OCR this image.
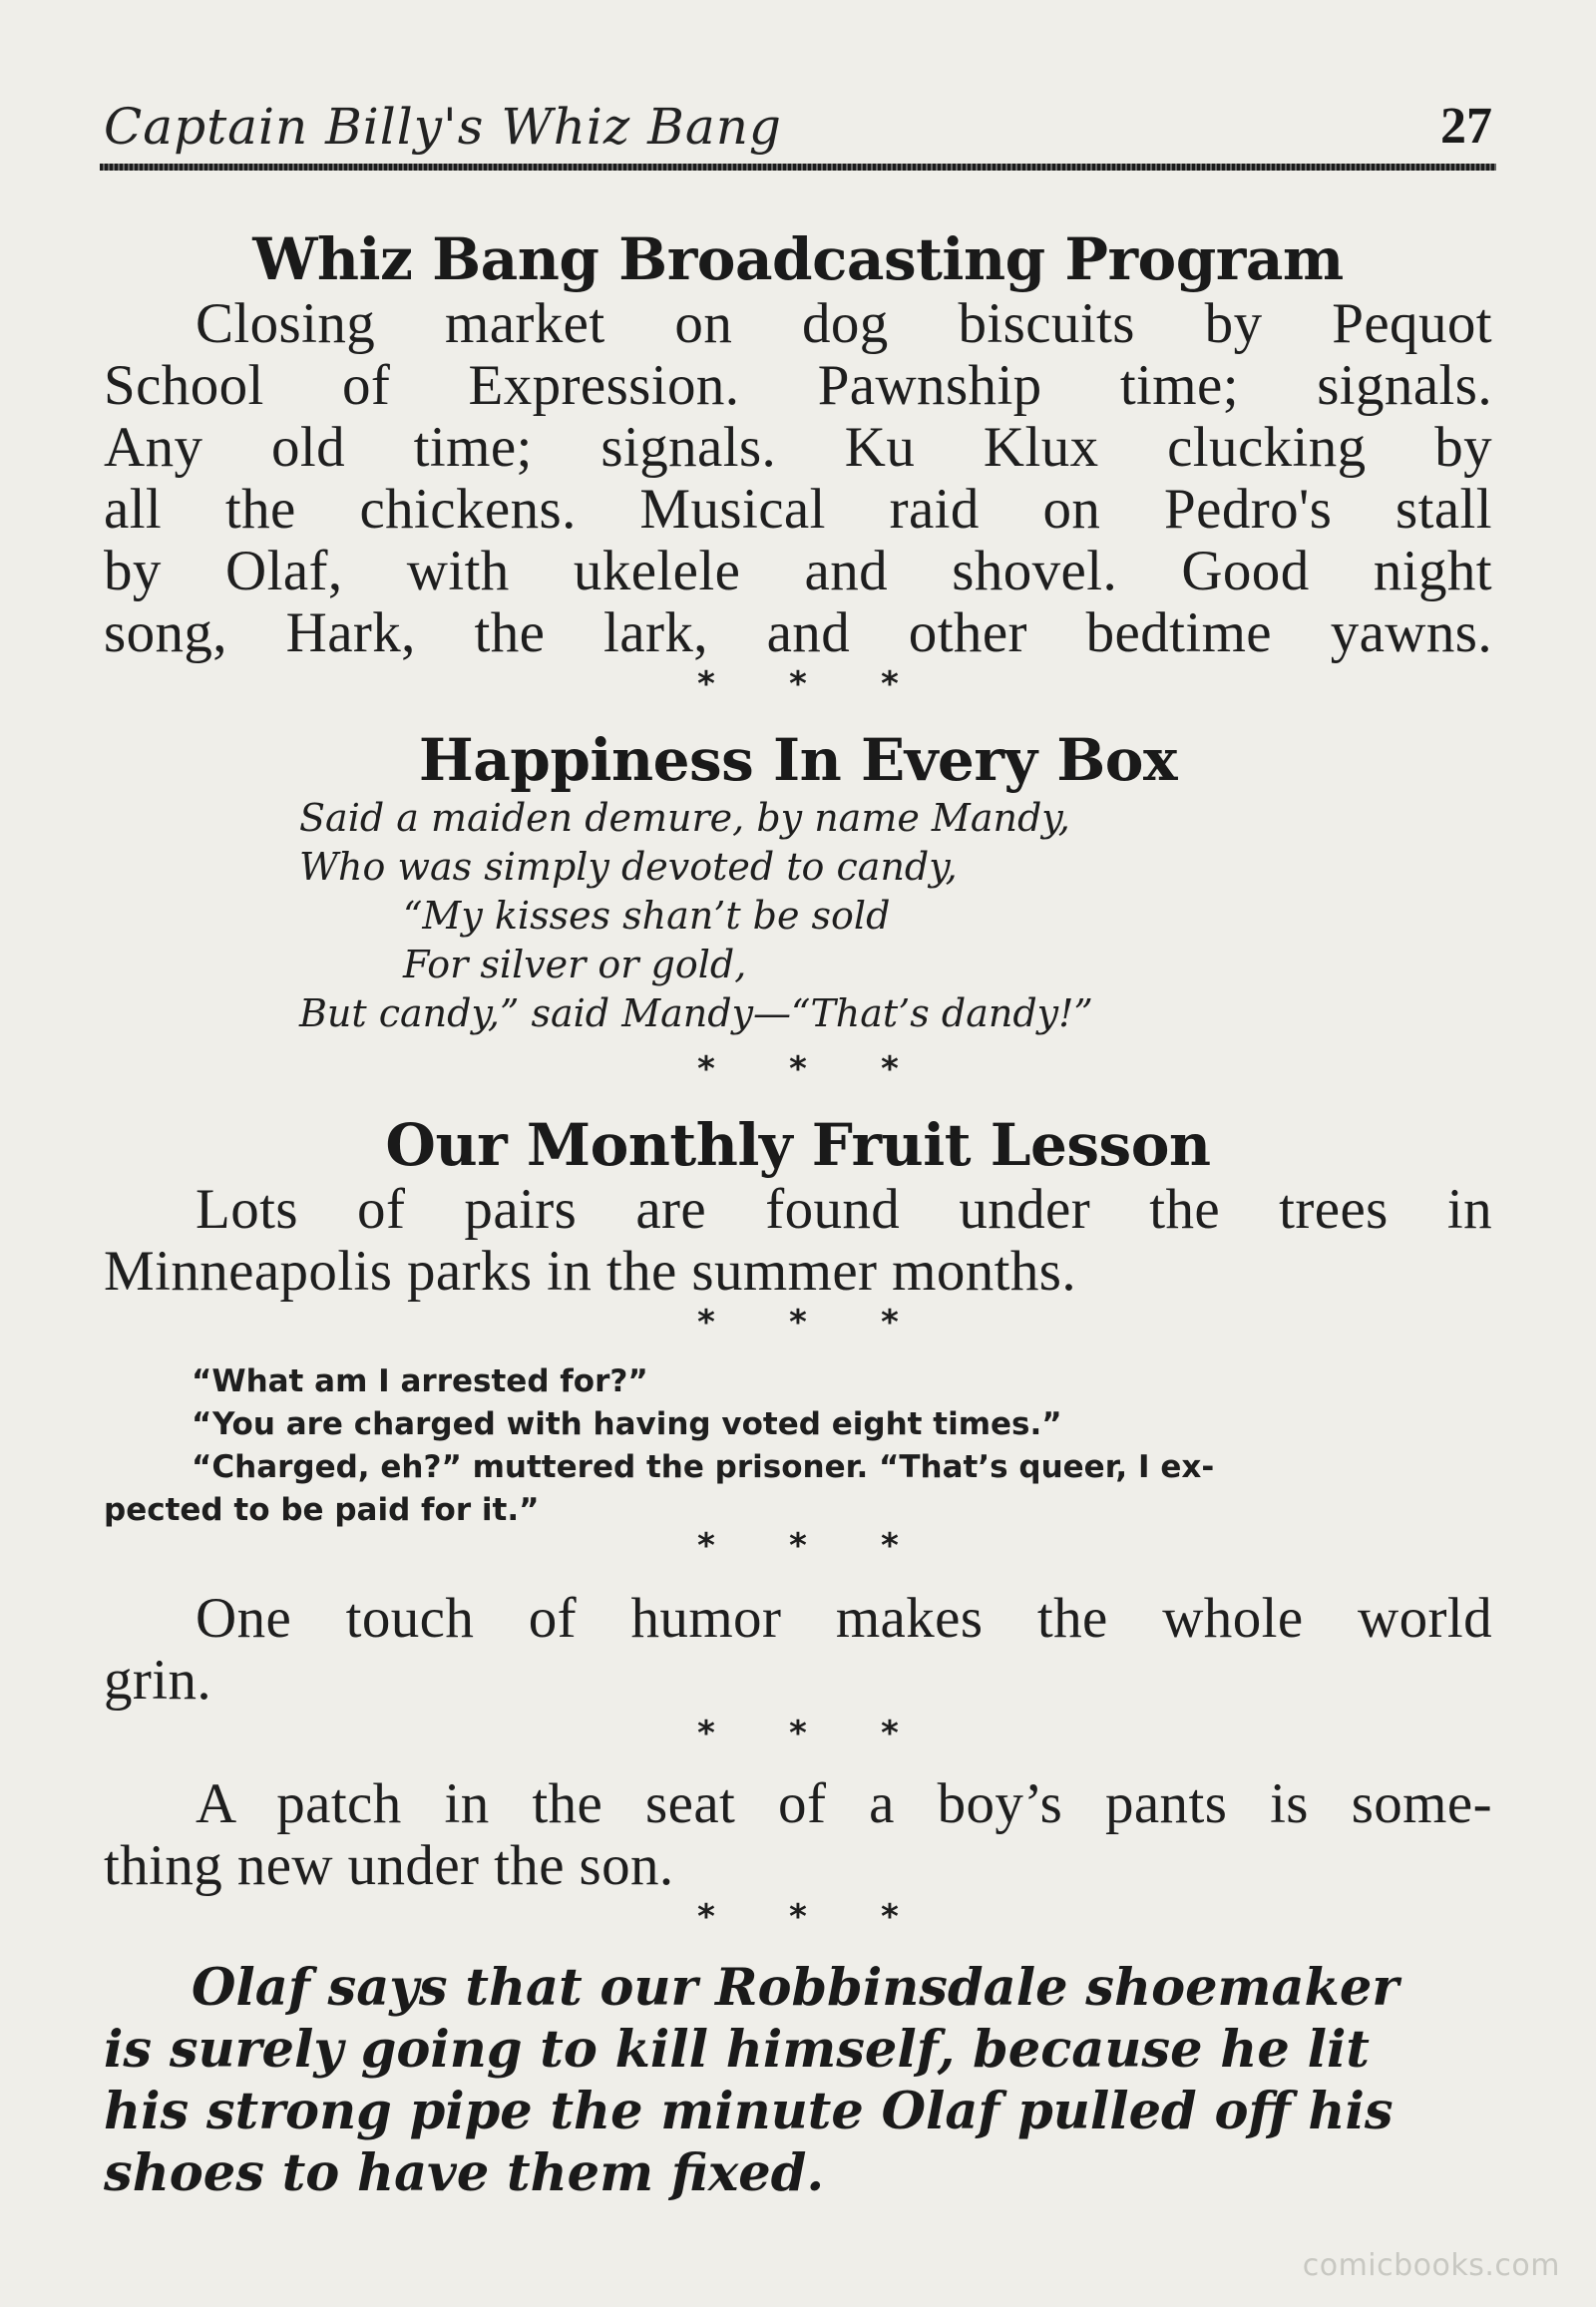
Captain Billy's Whiz Bang	27
Whiz Bang Broadcasting Program
Closing market on dog biscuits by Pequot
School of Expression. Pawnship time; signals.
Any old time; signals. Ku Klux clucking by
all the chickens. Musical raid on Pedro's stall
by Olaf, with ukelele and shovel. Good night
song, Hark, the lark, and other bedtime yawns.
* * *
Happiness In Every Box
Said a maiden demure, by name Mandy,
Who was simply devoted to candy,
“My kisses shan’t be sold
For silver or gold,
But candy,” said Mandy—“That’s dandy!”
* * *
Our Monthly Fruit Lesson
Lots of pairs are found under the trees in
Minneapolis parks in the summer months.
* * *
“What am I arrested for?”
“You are charged with having voted eight times.”
“Charged, eh?” muttered the prisoner. “That’s queer, I ex-
pected to be paid for it.”
* * *
One touch of humor makes the whole world
grin.
* * *
A patch in the seat of a boy’s pants is some-
thing new under the son.
* * *
Olaf says that our Robbinsdale shoemaker
is surely going to kill himself, because he lit
his strong pipe the minute Olaf pulled off his
shoes to have them fixed.
comicbooks.com
